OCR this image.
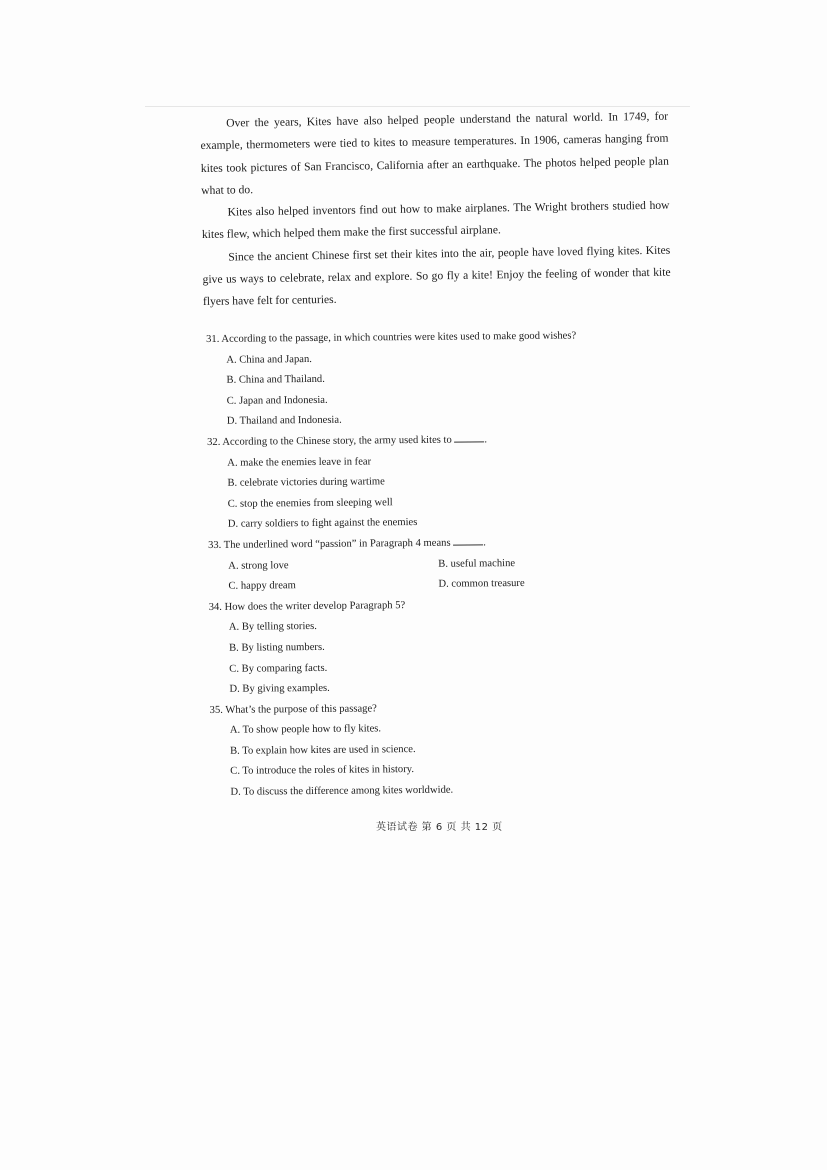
Over the years, Kites have also helped people understand the natural world. In 1749, for example, thermometers were tied to kites to measure temperatures. In 1906, cameras hanging from kites took pictures of San Francisco, California after an earthquake. The photos helped people plan what to do.

Kites also helped inventors find out how to make airplanes. The Wright brothers studied how kites flew, which helped them make the first successful airplane.

Since the ancient Chinese first set their kites into the air, people have loved flying kites. Kites give us ways to celebrate, relax and explore. So go fly a kite! Enjoy the feeling of wonder that kite flyers have felt for centuries.

31. According to the passage, in which countries were kites used to make good wishes?
A. China and Japan.
B. China and Thailand.
C. Japan and Indonesia.
D. Thailand and Indonesia.
32. According to the Chinese story, the army used kites to	.
A. make the enemies leave in fear
B. celebrate victories during wartime
C. stop the enemies from sleeping well
D. carry soldiers to fight against the enemies
33. The underlined word “passion” in Paragraph 4 means	.
A. strong love	B. useful machine
C. happy dream	D. common treasure
34. How does the writer develop Paragraph 5?
A. By telling stories.
B. By listing numbers.
C. By comparing facts.
D. By giving examples.
35. What’s the purpose of this passage?
A. To show people how to fly kites.
B. To explain how kites are used in science.
C. To introduce the roles of kites in history.
D. To discuss the difference among kites worldwide.
英语试卷 第 6 页 共 12 页
